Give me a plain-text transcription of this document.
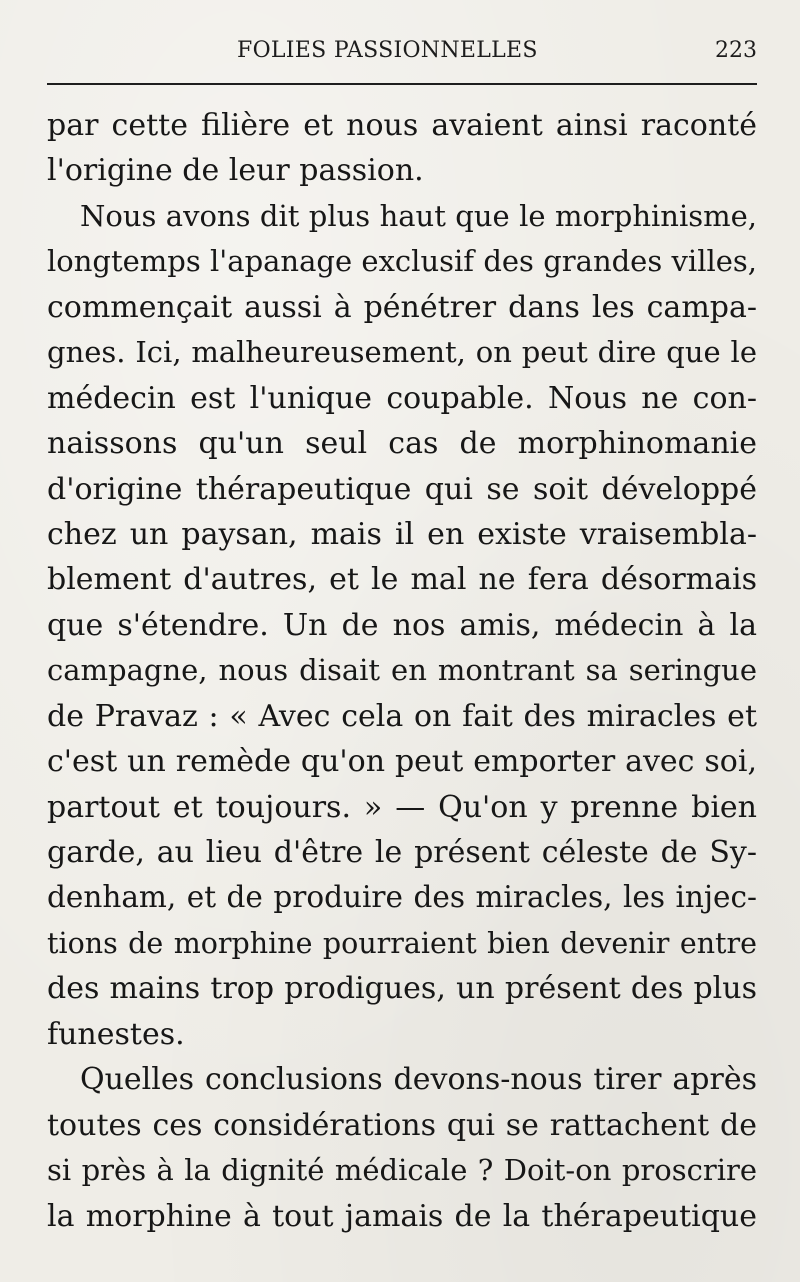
FOLIES PASSIONNELLES	223
par cette filière et nous avaient ainsi raconté
l'origine de leur passion.
Nous avons dit plus haut que le morphinisme,
longtemps l'apanage exclusif des grandes villes,
commençait aussi à pénétrer dans les campa-
gnes. Ici, malheureusement, on peut dire que le
médecin est l'unique coupable. Nous ne con-
naissons qu'un seul cas de morphinomanie
d'origine thérapeutique qui se soit développé
chez un paysan, mais il en existe vraisembla-
blement d'autres, et le mal ne fera désormais
que s'étendre. Un de nos amis, médecin à la
campagne, nous disait en montrant sa seringue
de Pravaz : « Avec cela on fait des miracles et
c'est un remède qu'on peut emporter avec soi,
partout et toujours. » — Qu'on y prenne bien
garde, au lieu d'être le présent céleste de Sy-
denham, et de produire des miracles, les injec-
tions de morphine pourraient bien devenir entre
des mains trop prodigues, un présent des plus
funestes.
Quelles conclusions devons-nous tirer après
toutes ces considérations qui se rattachent de
si près à la dignité médicale ? Doit-on proscrire
la morphine à tout jamais de la thérapeutique
